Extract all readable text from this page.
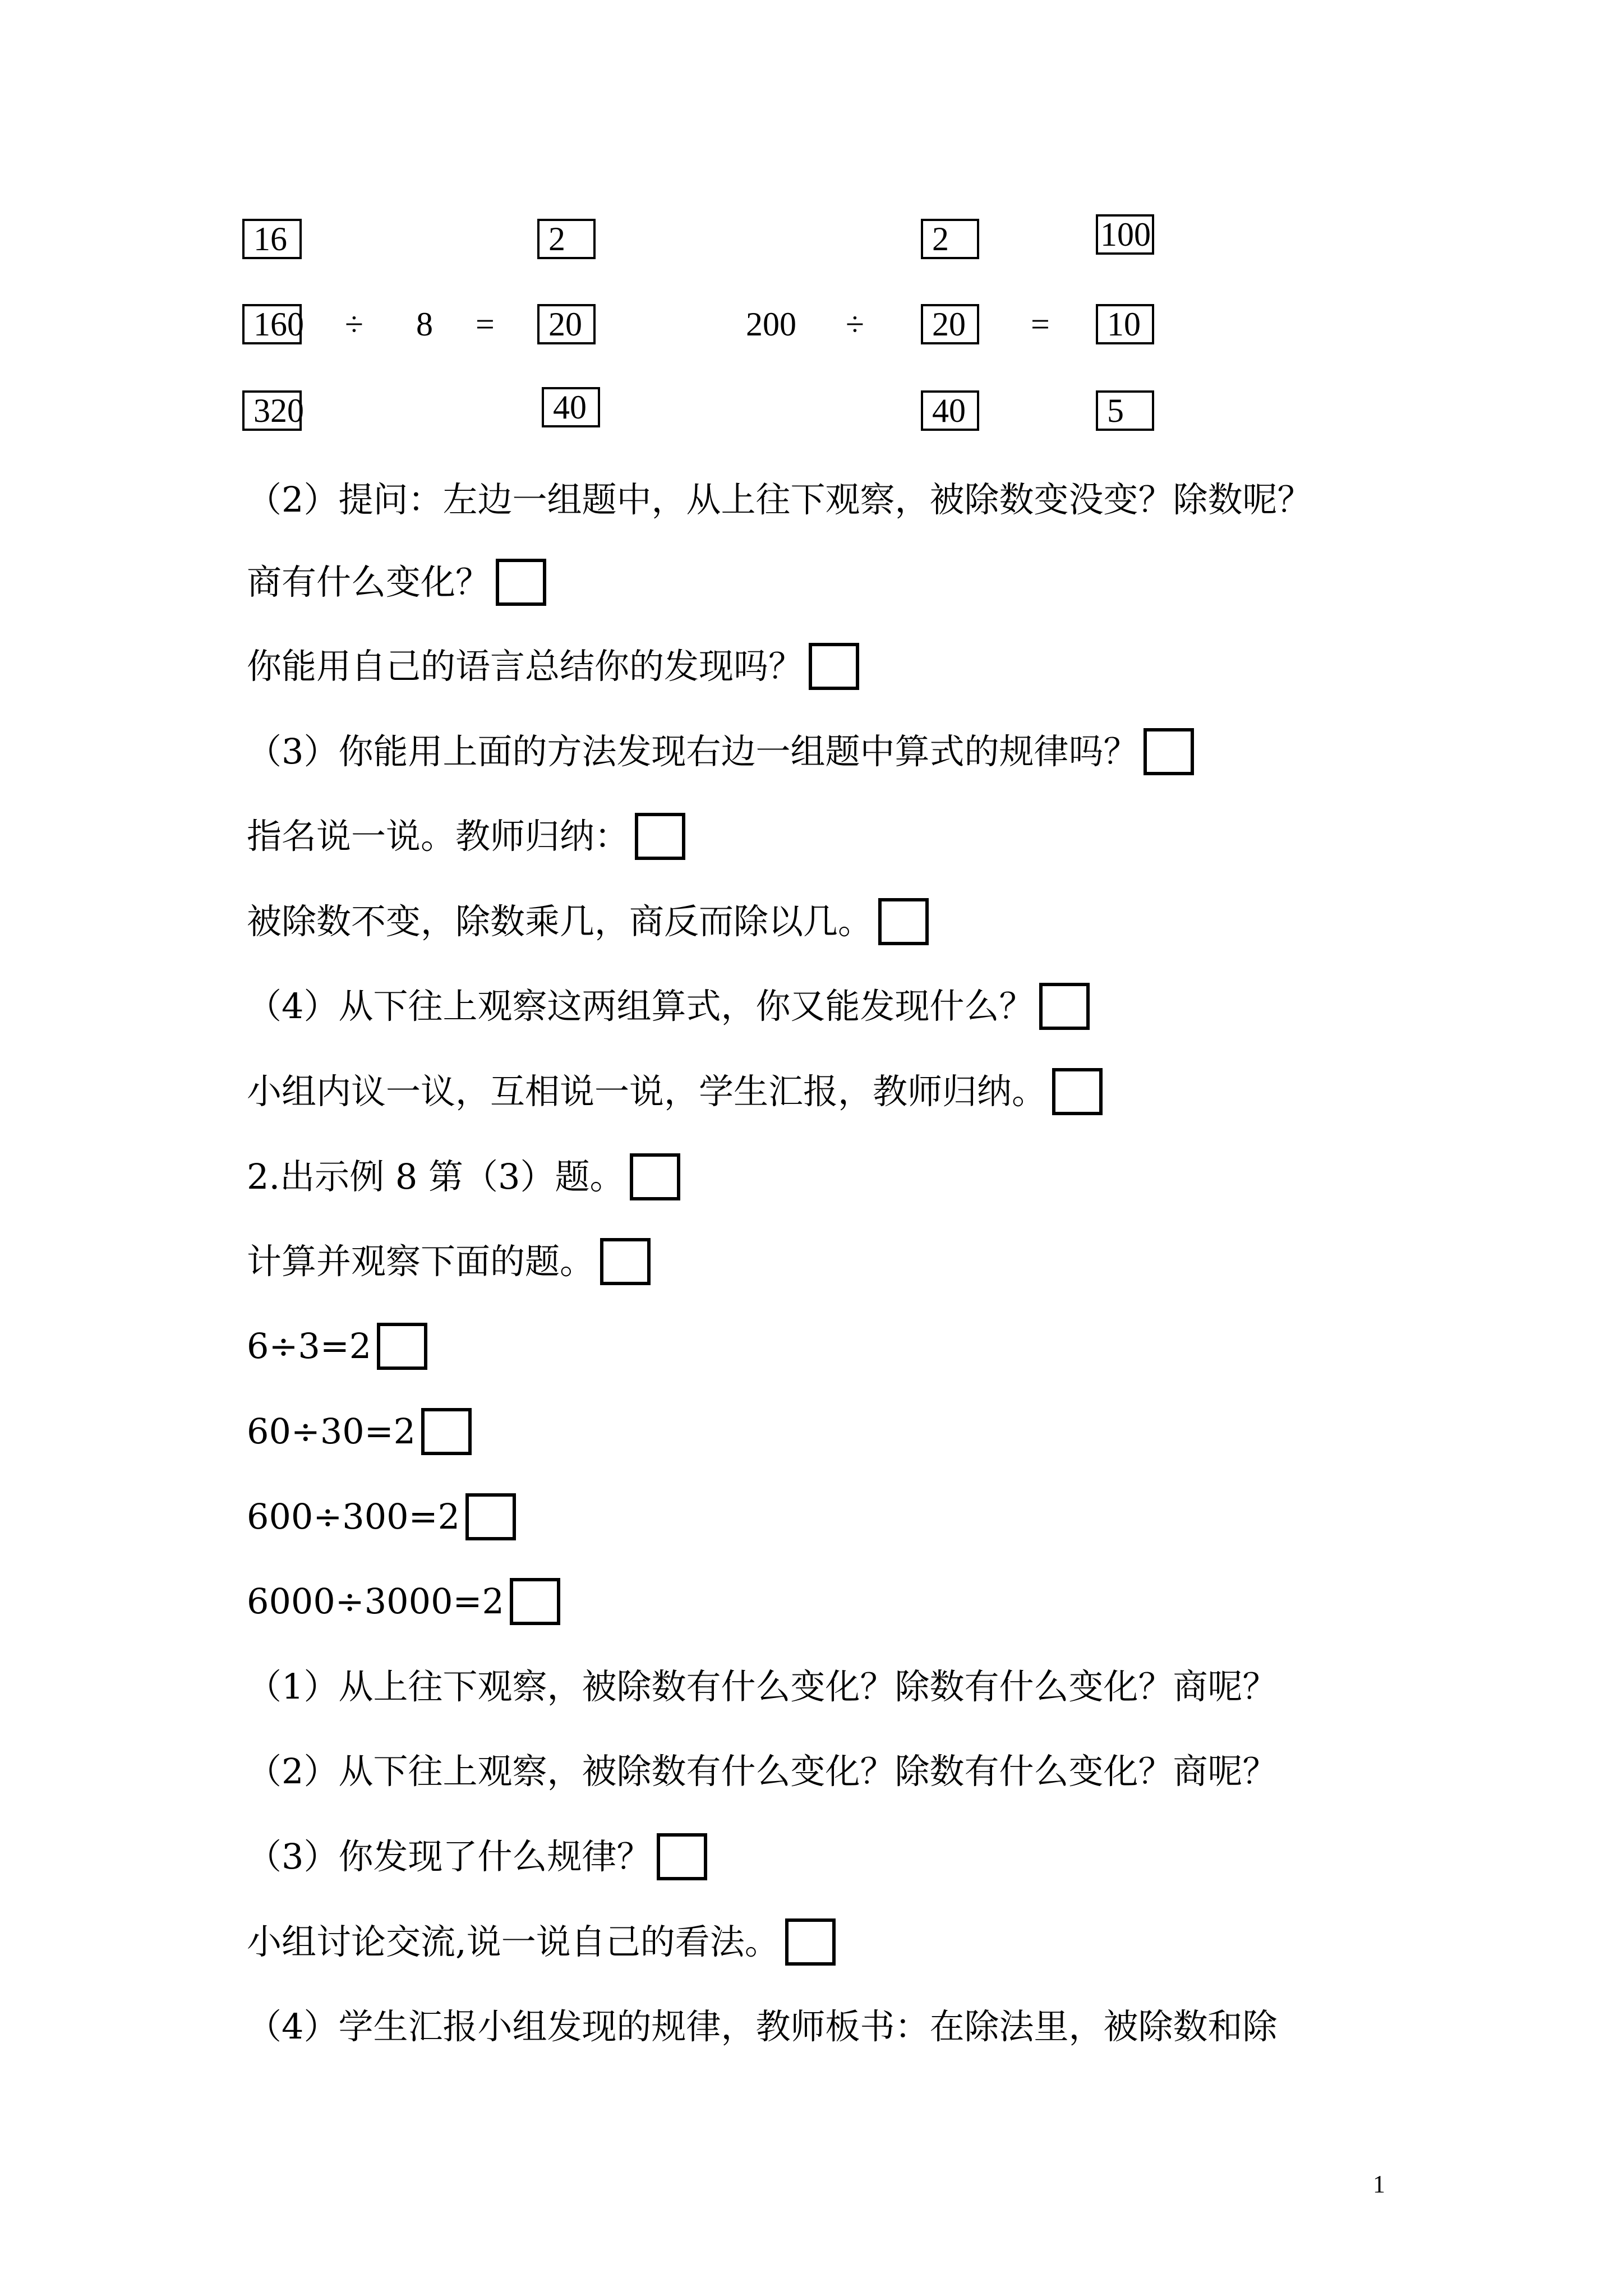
16
160
320
÷ 8 =
2
20
40
200 ÷
2
20
40
=
100
10
5
（2）提问：左边一组题中，从上往下观察，被除数变没变？除数呢？
商有什么变化？
你能用自己的语言总结你的发现吗？
（3）你能用上面的方法发现右边一组题中算式的规律吗？
指名说一说。教师归纳：
被除数不变，除数乘几，商反而除以几。
（4）从下往上观察这两组算式，你又能发现什么？
小组内议一议，互相说一说，学生汇报，教师归纳。
2.出示例 8 第（3）题。
计算并观察下面的题。
6÷3=2
60÷30=2
600÷300=2
6000÷3000=2
（1）从上往下观察，被除数有什么变化？除数有什么变化？商呢？
（2）从下往上观察，被除数有什么变化？除数有什么变化？商呢？
（3）你发现了什么规律？
小组讨论交流,说一说自己的看法。
（4）学生汇报小组发现的规律，教师板书：在除法里，被除数和除
1
